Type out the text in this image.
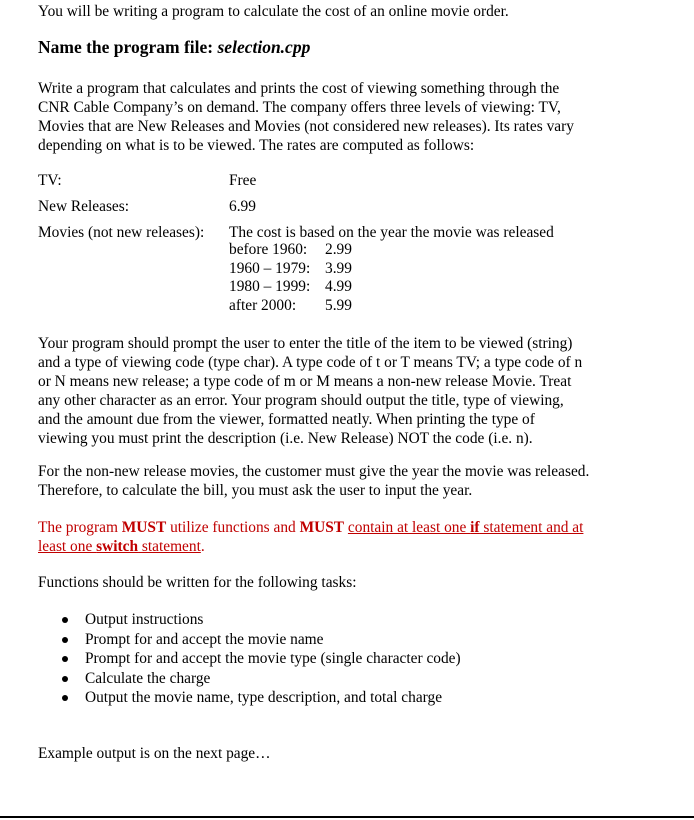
You will be writing a program to calculate the cost of an online movie order.
Name the program file: selection.cpp
Write a program that calculates and prints the cost of viewing something through the
CNR Cable Company’s on demand. The company offers three levels of viewing: TV,
Movies that are New Releases and Movies (not considered new releases). Its rates vary
depending on what is to be viewed. The rates are computed as follows:
TV:	Free
New Releases:	6.99
Movies (not new releases): The cost is based on the year the movie was released
before 1960: 2.99
1960 – 1979: 3.99
1980 – 1999: 4.99
after 2000: 5.99
Your program should prompt the user to enter the title of the item to be viewed (string)
and a type of viewing code (type char). A type code of t or T means TV; a type code of n
or N means new release; a type code of m or M means a non-new release Movie. Treat
any other character as an error. Your program should output the title, type of viewing,
and the amount due from the viewer, formatted neatly. When printing the type of
viewing you must print the description (i.e. New Release) NOT the code (i.e. n).
For the non-new release movies, the customer must give the year the movie was released.
Therefore, to calculate the bill, you must ask the user to input the year.
The program MUST utilize functions and MUST contain at least one if statement and at
least one switch statement.
Functions should be written for the following tasks:
Output instructions
Prompt for and accept the movie name
Prompt for and accept the movie type (single character code)
Calculate the charge
Output the movie name, type description, and total charge
Example output is on the next page…
